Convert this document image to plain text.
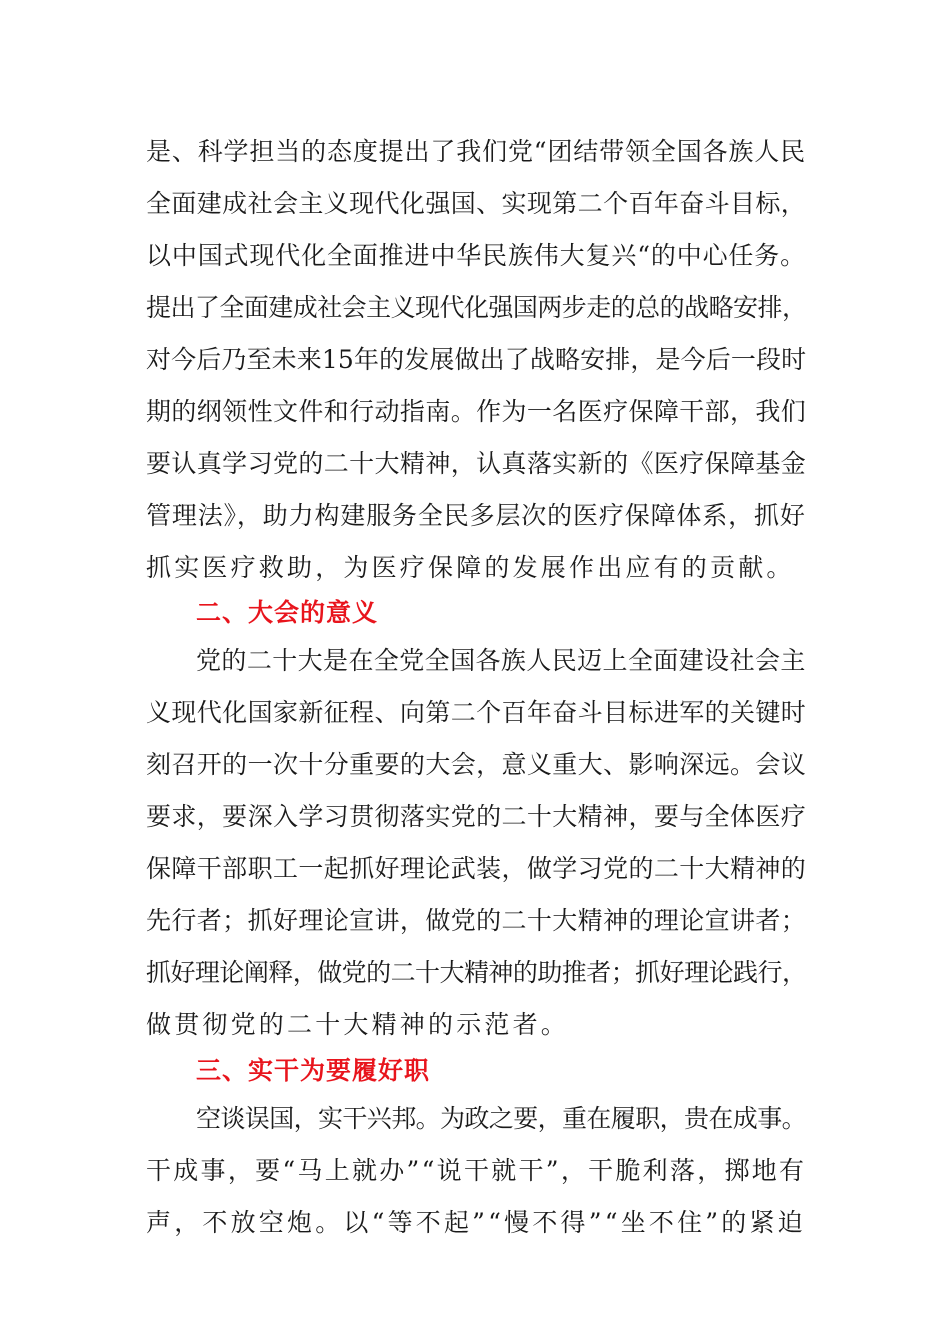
是、科学担当的态度提出了我们党“团结带领全国各族人民
全面建成社会主义现代化强国、实现第二个百年奋斗目标，
以中国式现代化全面推进中华民族伟大复兴“的中心任务。
提出了全面建成社会主义现代化强国两步走的总的战略安排，
对今后乃至未来15年的发展做出了战略安排，是今后一段时
期的纲领性文件和行动指南。作为一名医疗保障干部，我们
要认真学习党的二十大精神，认真落实新的《医疗保障基金
管理法》，助力构建服务全民多层次的医疗保障体系，抓好
抓实医疗救助，为医疗保障的发展作出应有的贡献。
二、大会的意义
党的二十大是在全党全国各族人民迈上全面建设社会主
义现代化国家新征程、向第二个百年奋斗目标进军的关键时
刻召开的一次十分重要的大会，意义重大、影响深远。会议
要求，要深入学习贯彻落实党的二十大精神，要与全体医疗
保障干部职工一起抓好理论武装，做学习党的二十大精神的
先行者；抓好理论宣讲，做党的二十大精神的理论宣讲者；
抓好理论阐释，做党的二十大精神的助推者；抓好理论践行，
做贯彻党的二十大精神的示范者。
三、实干为要履好职
空谈误国，实干兴邦。为政之要，重在履职，贵在成事。
干成事，要“马上就办”“说干就干”，干脆利落，掷地有
声，不放空炮。以“等不起”“慢不得”“坐不住”的紧迫
